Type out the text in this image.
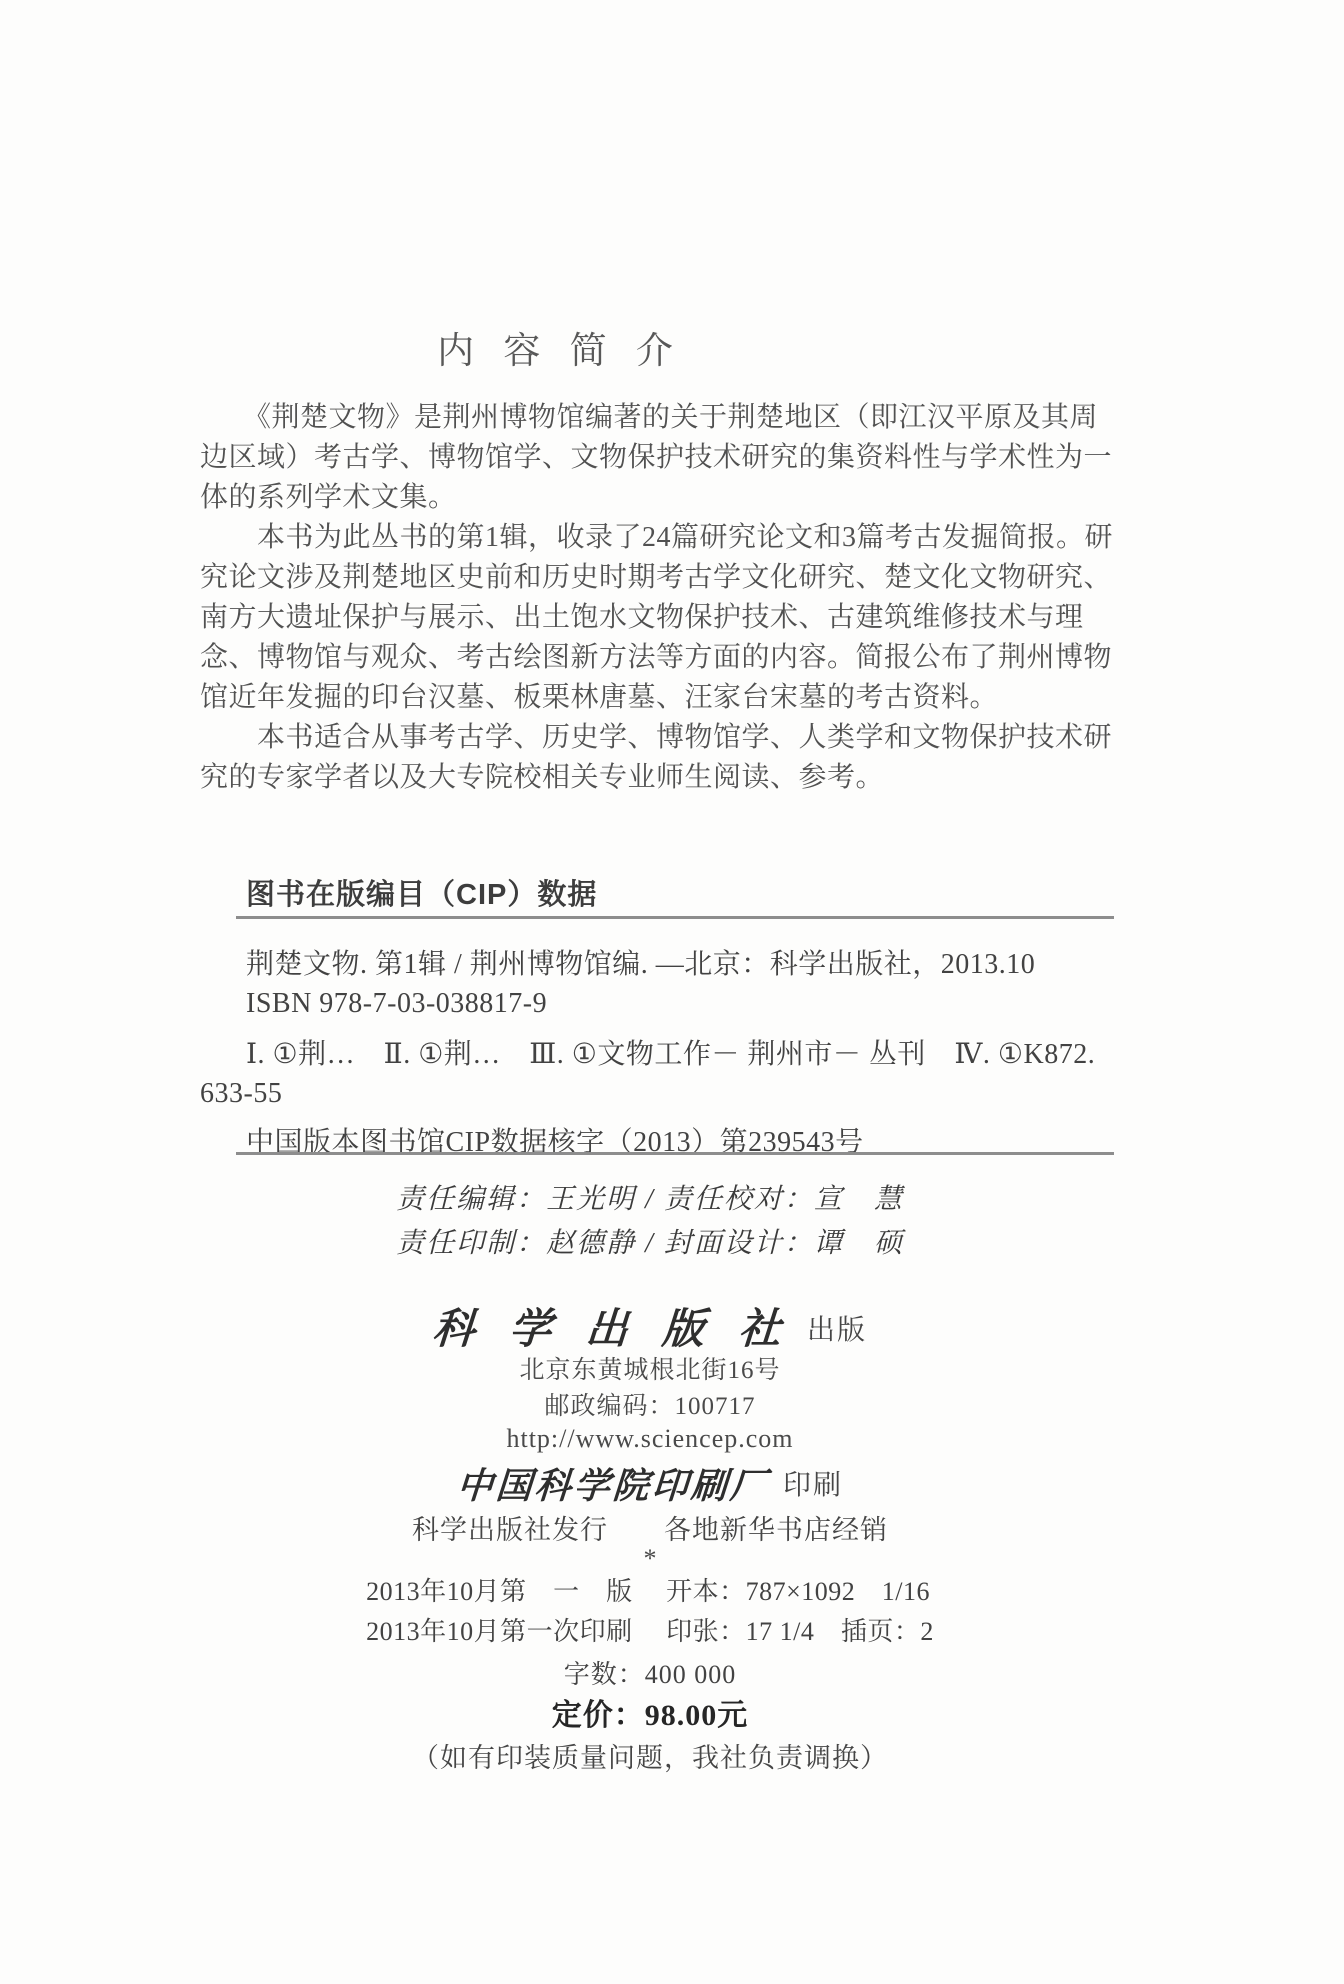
内 容 简 介
　　《荆楚文物》是荆州博物馆编著的关于荆楚地区（即江汉平原及其周
边区域）考古学、博物馆学、文物保护技术研究的集资料性与学术性为一
体的系列学术文集。
　　本书为此丛书的第1辑，收录了24篇研究论文和3篇考古发掘简报。研
究论文涉及荆楚地区史前和历史时期考古学文化研究、楚文化文物研究、
南方大遗址保护与展示、出土饱水文物保护技术、古建筑维修技术与理
念、博物馆与观众、考古绘图新方法等方面的内容。简报公布了荆州博物
馆近年发掘的印台汉墓、板栗林唐墓、汪家台宋墓的考古资料。
　　本书适合从事考古学、历史学、博物馆学、人类学和文物保护技术研
究的专家学者以及大专院校相关专业师生阅读、参考。
图书在版编目（CIP）数据
荆楚文物. 第1辑 / 荆州博物馆编. —北京：科学出版社，2013.10
ISBN 978-7-03-038817-9
Ⅰ. ①荆…　Ⅱ. ①荆…　Ⅲ. ①文物工作－ 荆州市－ 丛刊　Ⅳ. ①K872.
633-55
中国版本图书馆CIP数据核字（2013）第239543号
责任编辑：王光明 / 责任校对：宣　慧
责任印制：赵德静 / 封面设计：谭　硕
科 学 出 版 社 出版
北京东黄城根北街16号
邮政编码：100717
http://www.sciencep.com
中国科学院印刷厂 印刷
科学出版社发行　　各地新华书店经销
*
2013年10月第　一　版	开本：787×1092　1/16
2013年10月第一次印刷	印张：17 1/4　插页：2
字数：400 000
定价：98.00元
（如有印装质量问题，我社负责调换）
